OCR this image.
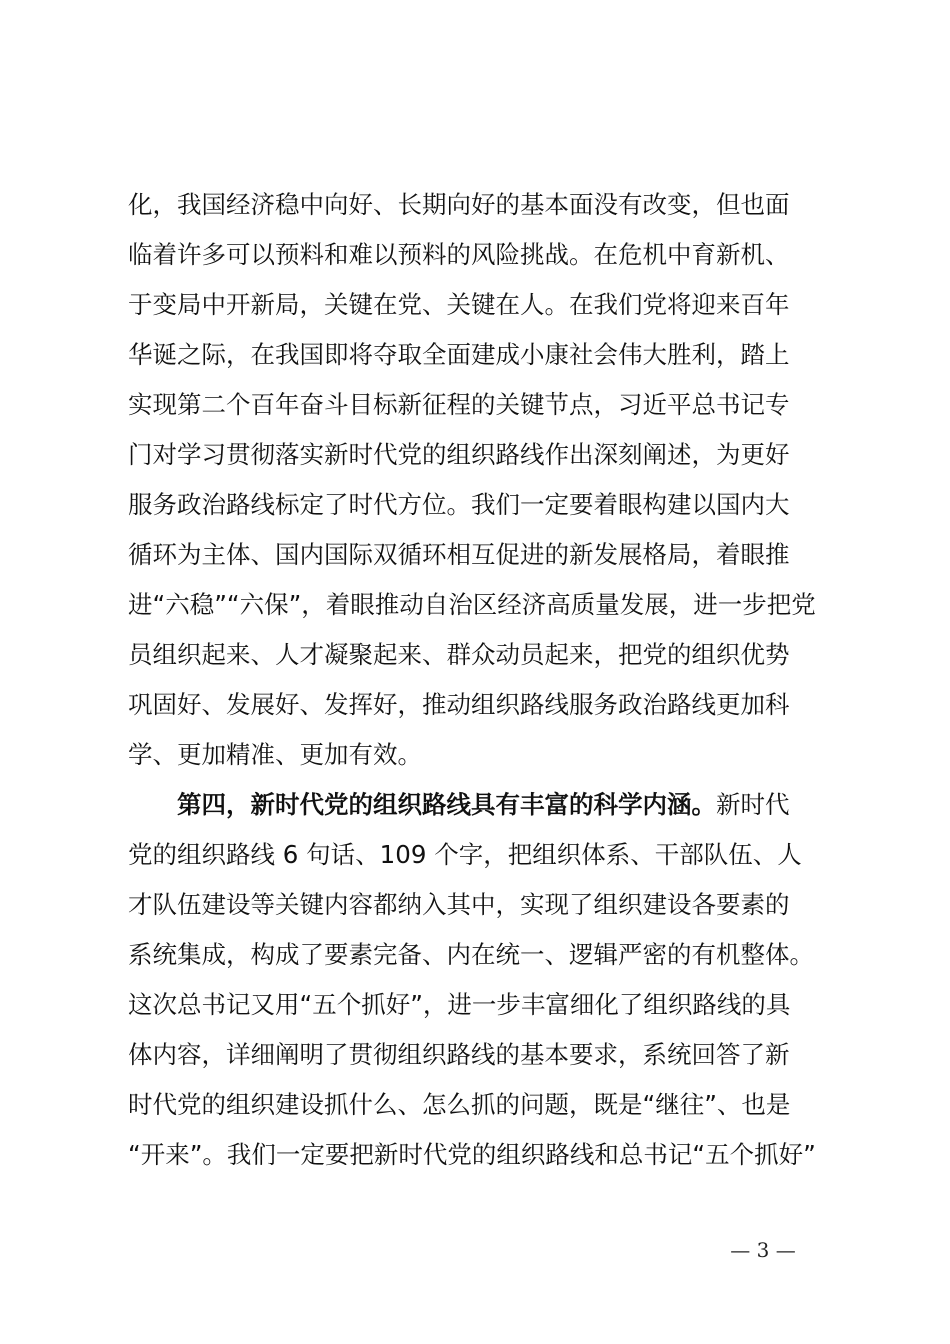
化，我国经济稳中向好、长期向好的基本面没有改变，但也面
临着许多可以预料和难以预料的风险挑战。在危机中育新机、
于变局中开新局，关键在党、关键在人。在我们党将迎来百年
华诞之际，在我国即将夺取全面建成小康社会伟大胜利，踏上
实现第二个百年奋斗目标新征程的关键节点，习近平总书记专
门对学习贯彻落实新时代党的组织路线作出深刻阐述，为更好
服务政治路线标定了时代方位。我们一定要着眼构建以国内大
循环为主体、国内国际双循环相互促进的新发展格局，着眼推
进“六稳”“六保”，着眼推动自治区经济高质量发展，进一步把党
员组织起来、人才凝聚起来、群众动员起来，把党的组织优势
巩固好、发展好、发挥好，推动组织路线服务政治路线更加科
学、更加精准、更加有效。
第四，新时代党的组织路线具有丰富的科学内涵。新时代
党的组织路线 6 句话、109 个字，把组织体系、干部队伍、人
才队伍建设等关键内容都纳入其中，实现了组织建设各要素的
系统集成，构成了要素完备、内在统一、逻辑严密的有机整体。
这次总书记又用“五个抓好”，进一步丰富细化了组织路线的具
体内容，详细阐明了贯彻组织路线的基本要求，系统回答了新
时代党的组织建设抓什么、怎么抓的问题，既是“继往”、也是
“开来”。我们一定要把新时代党的组织路线和总书记“五个抓好”
— 3 —
